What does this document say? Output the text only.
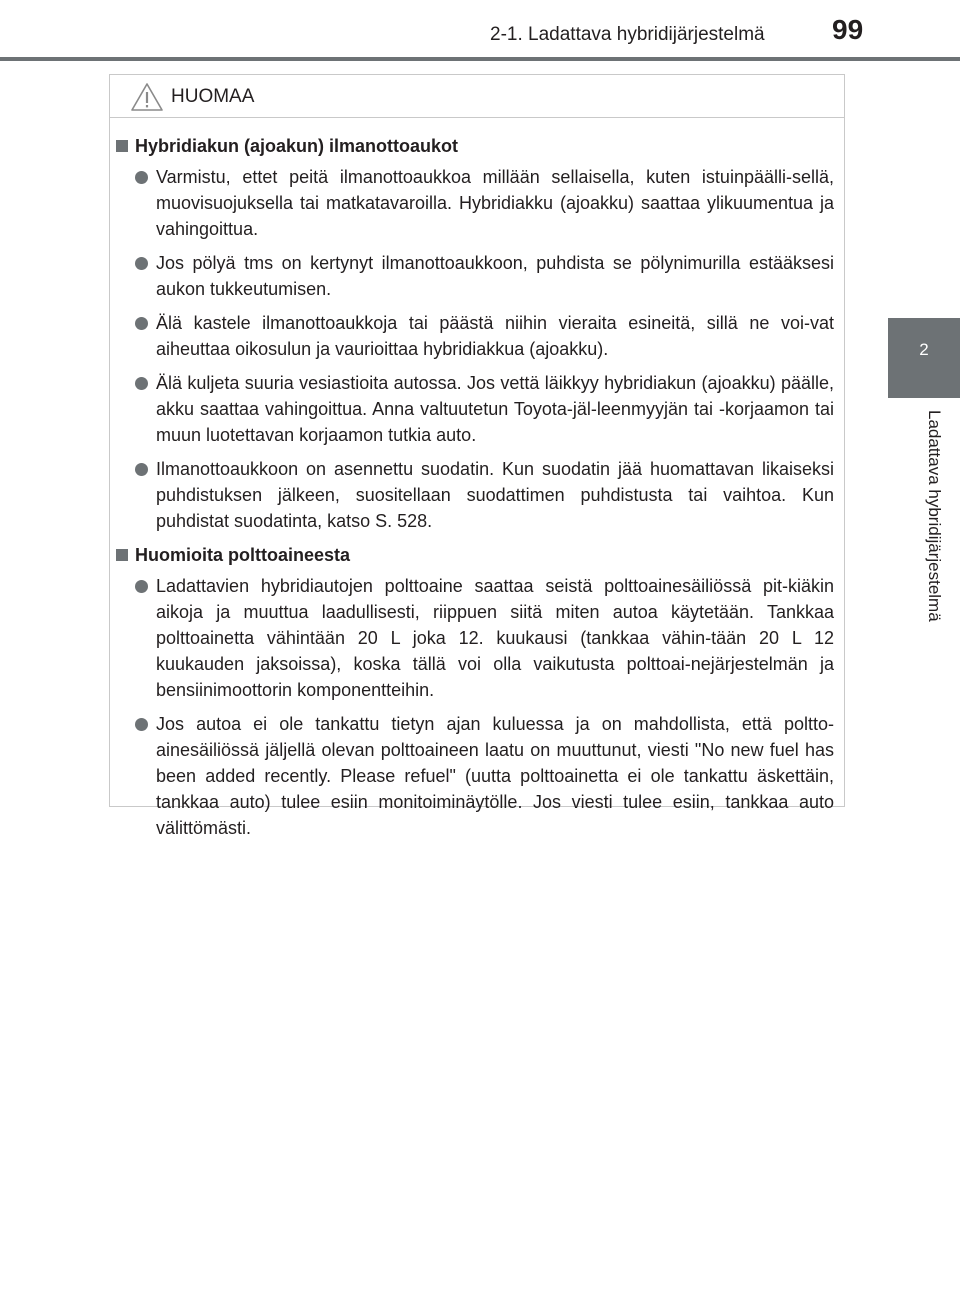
2-1. Ladattava hybridijärjestelmä	99
2
Ladattava hybridijärjestelmä
HUOMAA
Hybridiakun (ajoakun) ilmanottoaukot
Varmistu, ettet peitä ilmanottoaukkoa millään sellaisella, kuten istuinpäälli-sellä, muovisuojuksella tai matkatavaroilla. Hybridiakku (ajoakku) saattaa ylikuumentua ja vahingoittua.
Jos pölyä tms on kertynyt ilmanottoaukkoon, puhdista se pölynimurilla estääksesi aukon tukkeutumisen.
Älä kastele ilmanottoaukkoja tai päästä niihin vieraita esineitä, sillä ne voi-vat aiheuttaa oikosulun ja vaurioittaa hybridiakkua (ajoakku).
Älä kuljeta suuria vesiastioita autossa. Jos vettä läikkyy hybridiakun (ajoakku) päälle, akku saattaa vahingoittua. Anna valtuutetun Toyota-jäl-leenmyyjän tai -korjaamon tai muun luotettavan korjaamon tutkia auto.
Ilmanottoaukkoon on asennettu suodatin. Kun suodatin jää huomattavan likaiseksi puhdistuksen jälkeen, suositellaan suodattimen puhdistusta tai vaihtoa. Kun puhdistat suodatinta, katso S. 528.
Huomioita polttoaineesta
Ladattavien hybridiautojen polttoaine saattaa seistä polttoainesäiliössä pit-kiäkin aikoja ja muuttua laadullisesti, riippuen siitä miten autoa käytetään. Tankkaa polttoainetta vähintään 20 L joka 12. kuukausi (tankkaa vähin-tään 20 L 12 kuukauden jaksoissa), koska tällä voi olla vaikutusta polttoai-nejärjestelmän ja bensiinimoottorin komponentteihin.
Jos autoa ei ole tankattu tietyn ajan kuluessa ja on mahdollista, että poltto-ainesäiliössä jäljellä olevan polttoaineen laatu on muuttunut, viesti "No new fuel has been added recently. Please refuel" (uutta polttoainetta ei ole tankattu äskettäin, tankkaa auto) tulee esiin monitoiminäytölle. Jos viesti tulee esiin, tankkaa auto välittömästi.
